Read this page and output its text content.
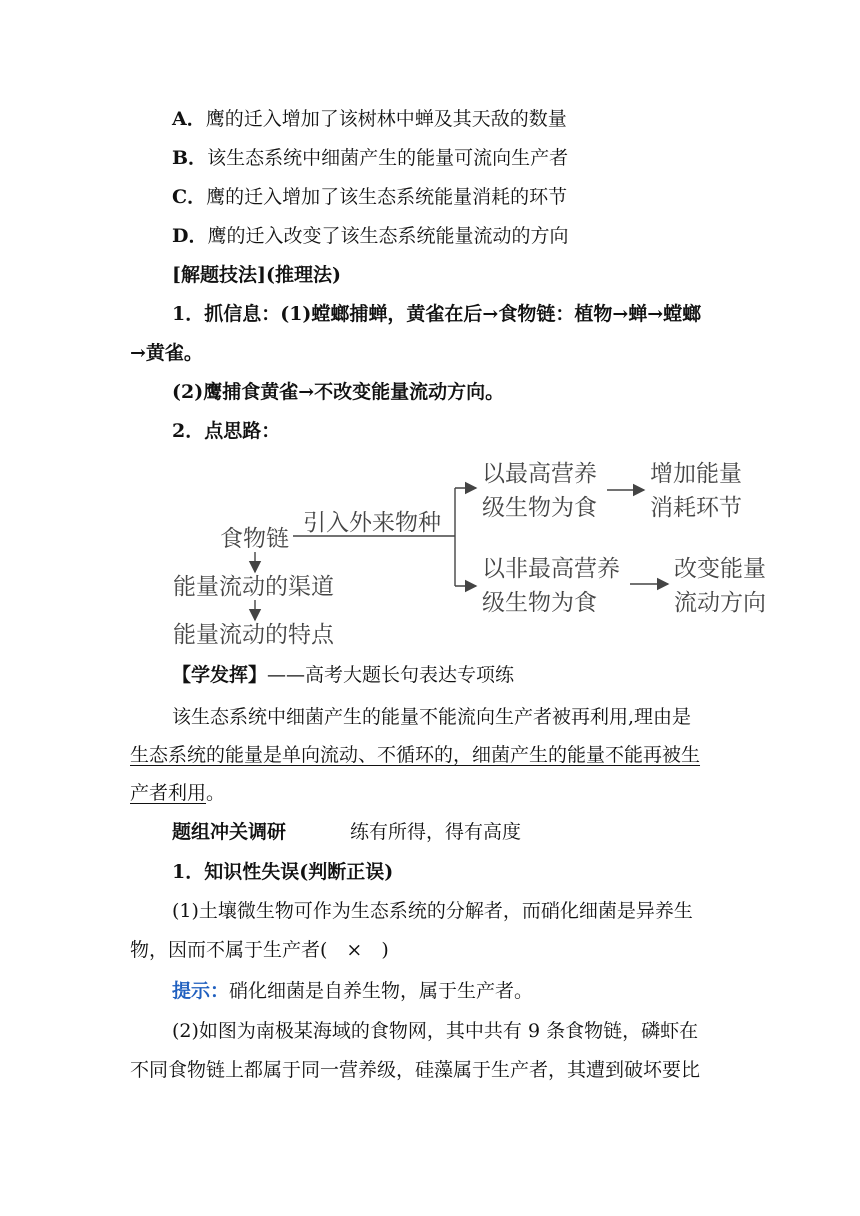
A．鹰的迁入增加了该树林中蝉及其天敌的数量
B．该生态系统中细菌产生的能量可流向生产者
C．鹰的迁入增加了该生态系统能量消耗的环节
D．鹰的迁入改变了该生态系统能量流动的方向
[解题技法](推理法)
1．抓信息：(1)螳螂捕蝉，黄雀在后→食物链：植物→蝉→螳螂
→黄雀。
(2)鹰捕食黄雀→不改变能量流动方向。
2．点思路：
食物链
引入外来物种
以最高营养
级生物为食
增加能量
消耗环节
以非最高营养
级生物为食
改变能量
流动方向
能量流动的渠道
能量流动的特点
【学发挥】——高考大题长句表达专项练
该生态系统中细菌产生的能量不能流向生产者被再利用,理由是
生态系统的能量是单向流动、不循环的，细菌产生的能量不能再被生
产者利用。
题组冲关调研	练有所得，得有高度
1．知识性失误(判断正误)
(1)土壤微生物可作为生态系统的分解者，而硝化细菌是异养生
物，因而不属于生产者(　×　)
提示：硝化细菌是自养生物，属于生产者。
(2)如图为南极某海域的食物网，其中共有 9 条食物链，磷虾在
不同食物链上都属于同一营养级，硅藻属于生产者，其遭到破坏要比
